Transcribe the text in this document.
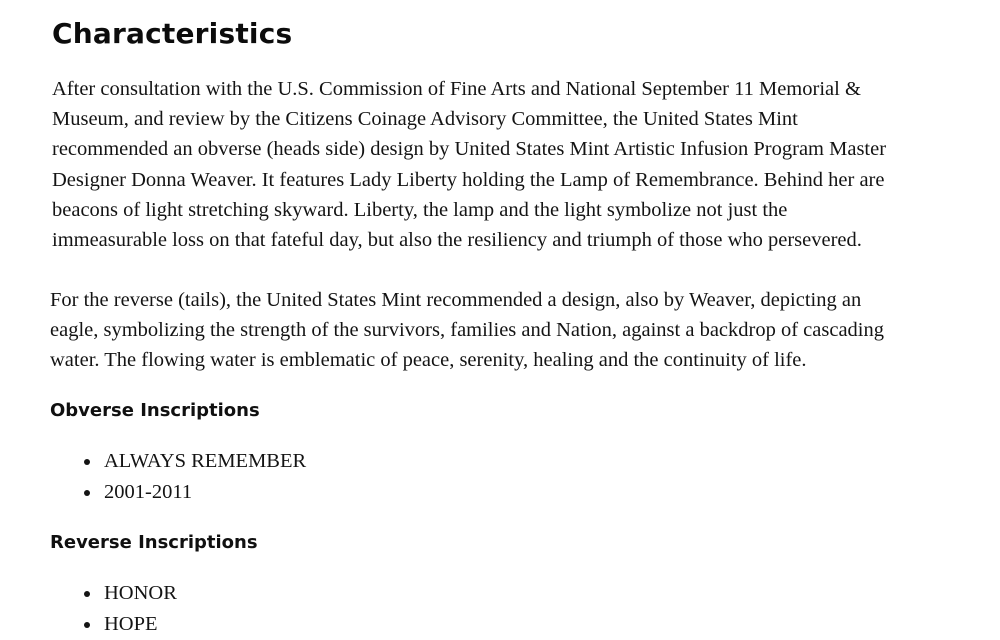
Characteristics

After consultation with the U.S. Commission of Fine Arts and National September 11 Memorial &
Museum, and review by the Citizens Coinage Advisory Committee, the United States Mint
recommended an obverse (heads side) design by United States Mint Artistic Infusion Program Master
Designer Donna Weaver. It features Lady Liberty holding the Lamp of Remembrance. Behind her are
beacons of light stretching skyward. Liberty, the lamp and the light symbolize not just the
immeasurable loss on that fateful day, but also the resiliency and triumph of those who persevered.

For the reverse (tails), the United States Mint recommended a design, also by Weaver, depicting an
eagle, symbolizing the strength of the survivors, families and Nation, against a backdrop of cascading
water. The flowing water is emblematic of peace, serenity, healing and the continuity of life.

Obverse Inscriptions
ALWAYS REMEMBER
2001-2011
Reverse Inscriptions
HONOR
HOPE
